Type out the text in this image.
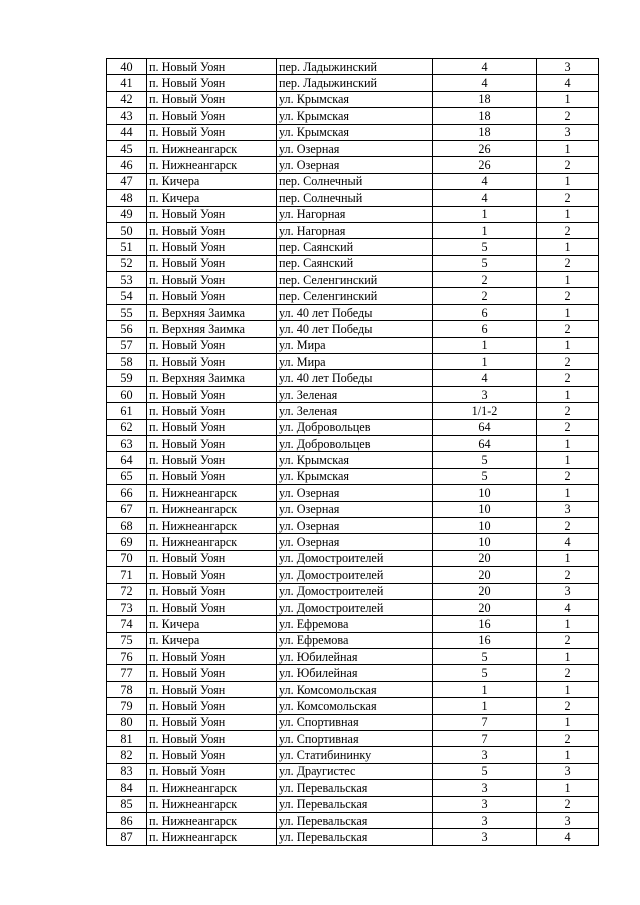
40	п. Новый Уоян	пер. Ладыжинский	4	3
41	п. Новый Уоян	пер. Ладыжинский	4	4
42	п. Новый Уоян	ул. Крымская	18	1
43	п. Новый Уоян	ул. Крымская	18	2
44	п. Новый Уоян	ул. Крымская	18	3
45	п. Нижнеангарск	ул. Озерная	26	1
46	п. Нижнеангарск	ул. Озерная	26	2
47	п. Кичера	пер. Солнечный	4	1
48	п. Кичера	пер. Солнечный	4	2
49	п. Новый Уоян	ул. Нагорная	1	1
50	п. Новый Уоян	ул. Нагорная	1	2
51	п. Новый Уоян	пер. Саянский	5	1
52	п. Новый Уоян	пер. Саянский	5	2
53	п. Новый Уоян	пер. Селенгинский	2	1
54	п. Новый Уоян	пер. Селенгинский	2	2
55	п. Верхняя Заимка	ул. 40 лет Победы	6	1
56	п. Верхняя Заимка	ул. 40 лет Победы	6	2
57	п. Новый Уоян	ул. Мира	1	1
58	п. Новый Уоян	ул. Мира	1	2
59	п. Верхняя Заимка	ул. 40 лет Победы	4	2
60	п. Новый Уоян	ул. Зеленая	3	1
61	п. Новый Уоян	ул. Зеленая	1/1-2	2
62	п. Новый Уоян	ул. Добровольцев	64	2
63	п. Новый Уоян	ул. Добровольцев	64	1
64	п. Новый Уоян	ул. Крымская	5	1
65	п. Новый Уоян	ул. Крымская	5	2
66	п. Нижнеангарск	ул. Озерная	10	1
67	п. Нижнеангарск	ул. Озерная	10	3
68	п. Нижнеангарск	ул. Озерная	10	2
69	п. Нижнеангарск	ул. Озерная	10	4
70	п. Новый Уоян	ул. Домостроителей	20	1
71	п. Новый Уоян	ул. Домостроителей	20	2
72	п. Новый Уоян	ул. Домостроителей	20	3
73	п. Новый Уоян	ул. Домостроителей	20	4
74	п. Кичера	ул. Ефремова	16	1
75	п. Кичера	ул. Ефремова	16	2
76	п. Новый Уоян	ул. Юбилейная	5	1
77	п. Новый Уоян	ул. Юбилейная	5	2
78	п. Новый Уоян	ул. Комсомольская	1	1
79	п. Новый Уоян	ул. Комсомольская	1	2
80	п. Новый Уоян	ул. Спортивная	7	1
81	п. Новый Уоян	ул. Спортивная	7	2
82	п. Новый Уоян	ул. Статибининку	3	1
83	п. Новый Уоян	ул. Драугистес	5	3
84	п. Нижнеангарск	ул. Перевальская	3	1
85	п. Нижнеангарск	ул. Перевальская	3	2
86	п. Нижнеангарск	ул. Перевальская	3	3
87	п. Нижнеангарск	ул. Перевальская	3	4
